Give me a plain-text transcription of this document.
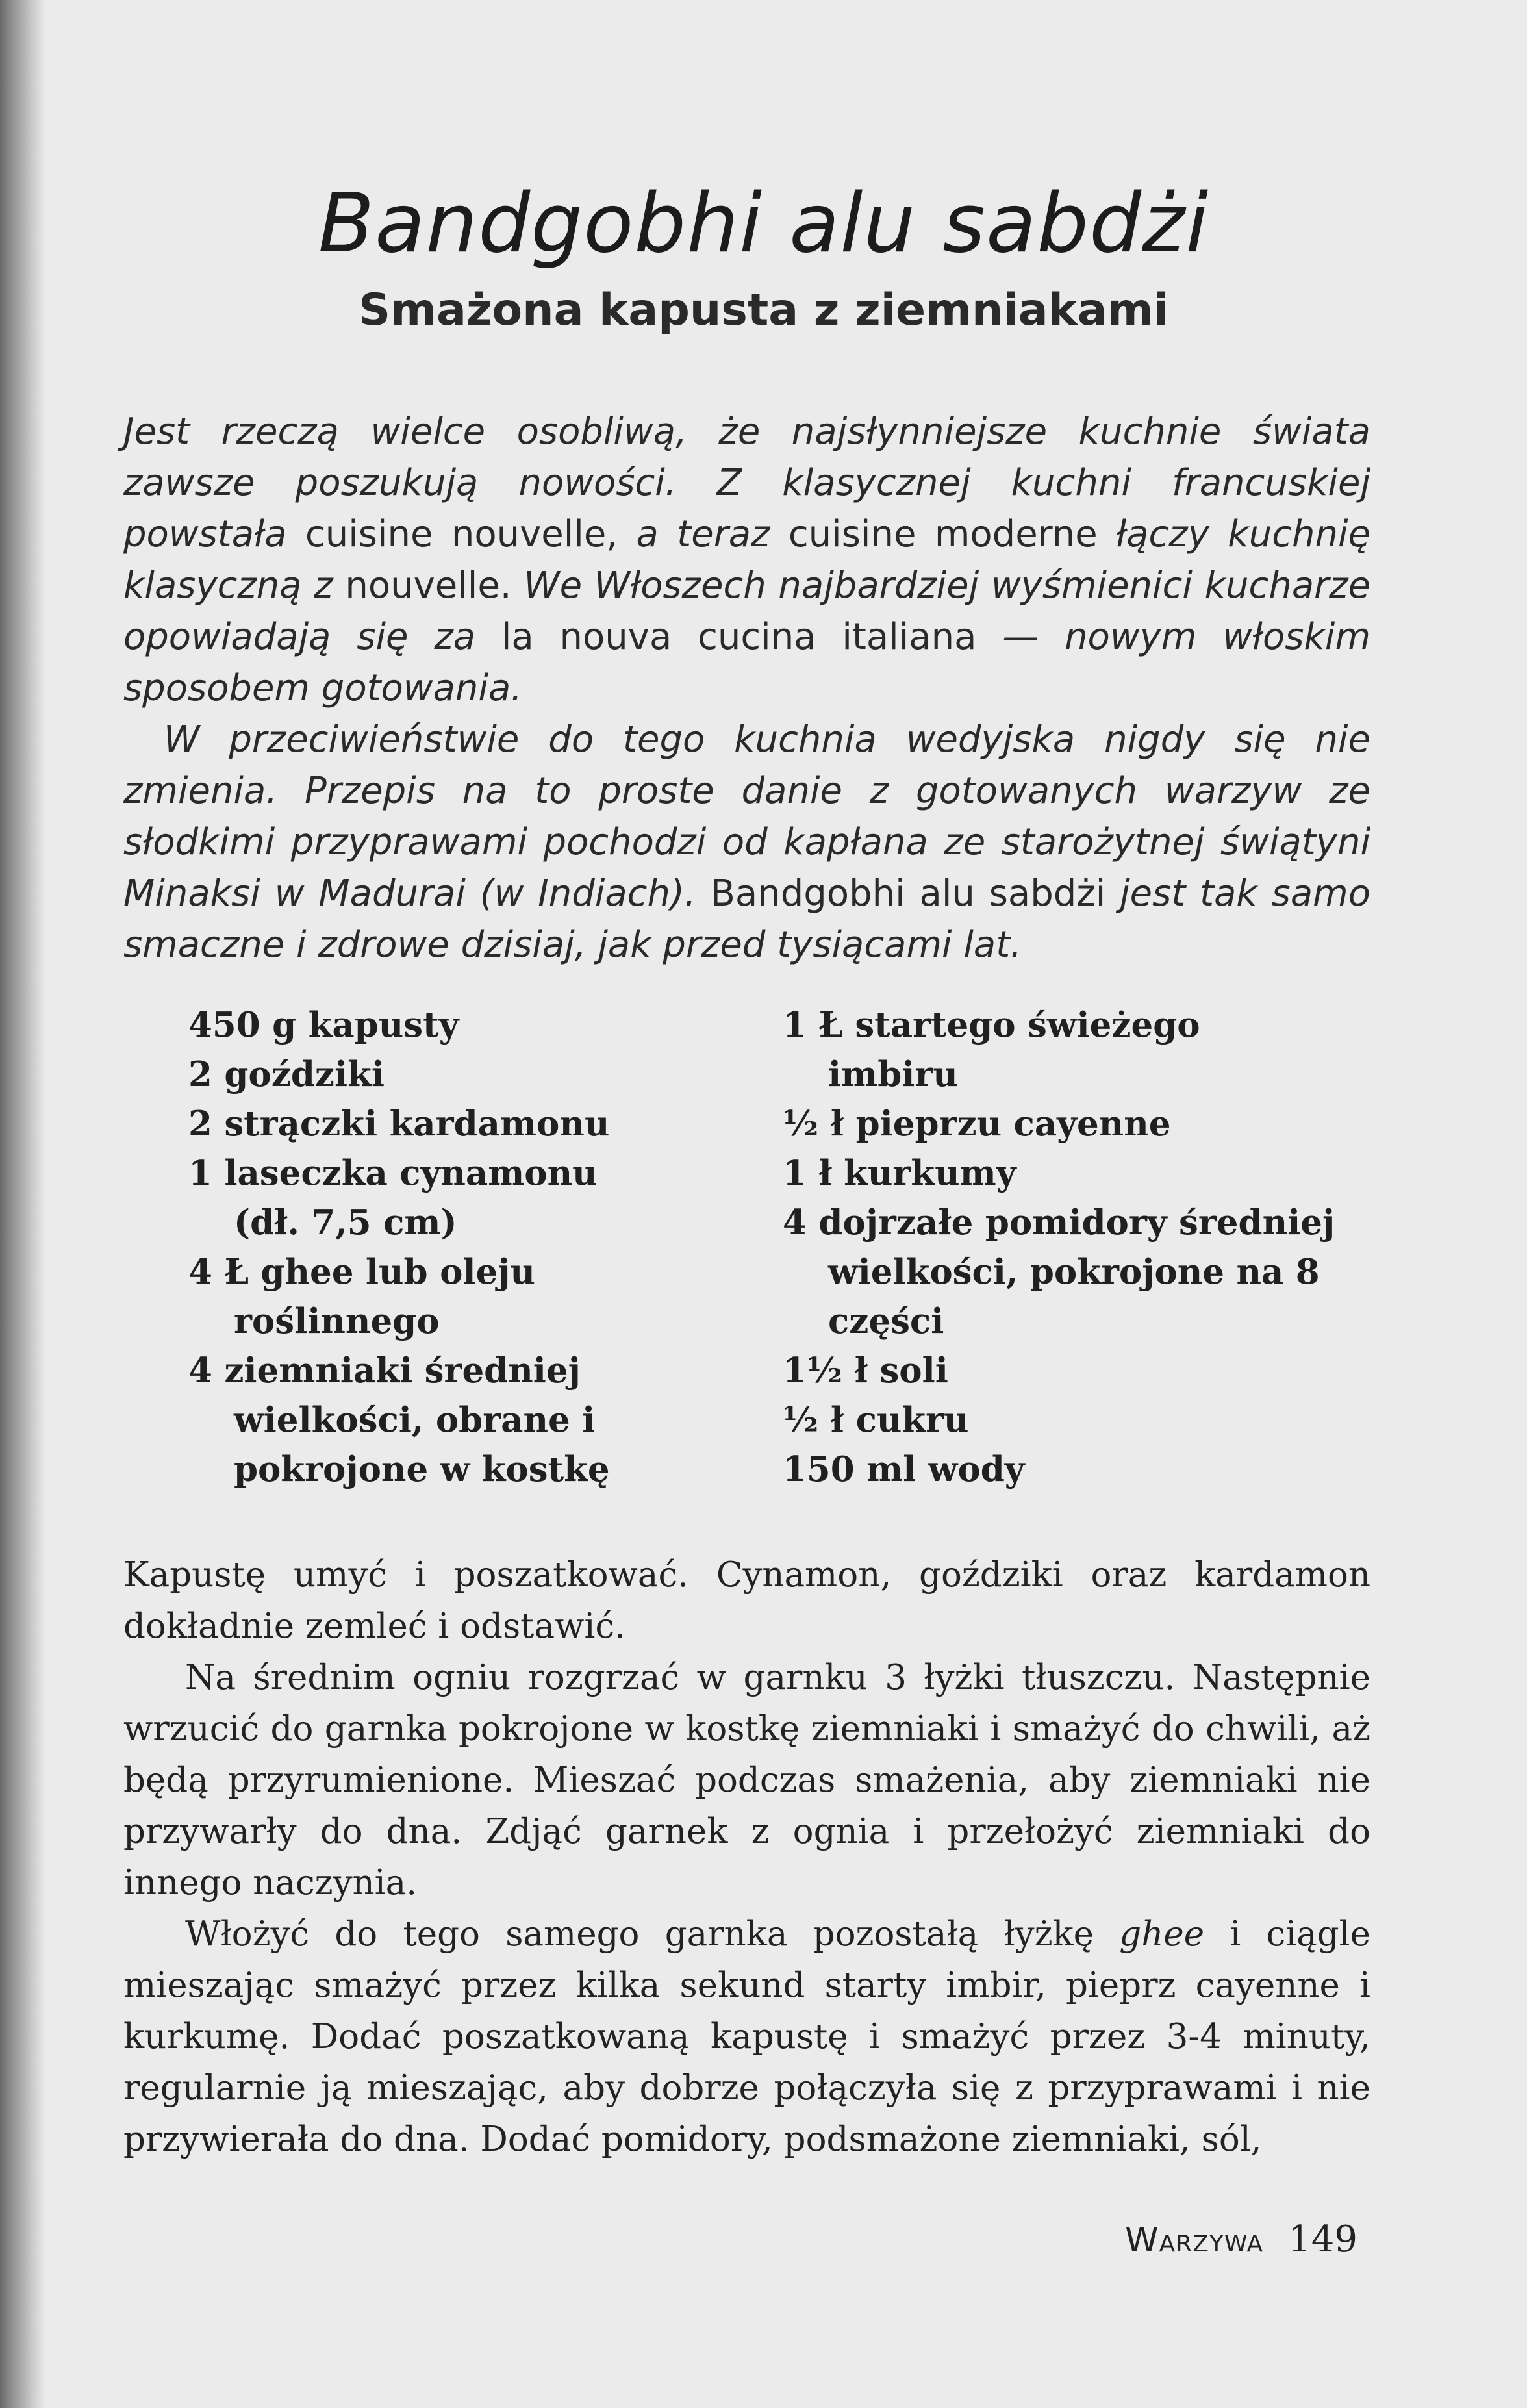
Bandgobhi alu sabdżi
Smażona kapusta z ziemniakami

Jest rzeczą wielce osobliwą, że najsłynniejsze kuchnie świata zawsze poszukują nowości. Z klasycznej kuchni francuskiej powstała cuisine nouvelle, a teraz cuisine moderne łączy kuchnię klasyczną z nouvelle. We Włoszech najbardziej wyśmienici kucharze opowiadają się za la nouva cucina italiana — nowym włoskim sposobem gotowania.

W przeciwieństwie do tego kuchnia wedyjska nigdy się nie zmienia. Przepis na to proste danie z gotowanych warzyw ze słodkimi przyprawami pochodzi od kapłana ze starożytnej świątyni Minaksi w Madurai (w Indiach). Bandgobhi alu sabdżi jest tak samo smaczne i zdrowe dzisiaj, jak przed tysiącami lat.

450 g kapusty
2 goździki
2 strączki kardamonu
1 laseczka cynamonu (dł. 7,5 cm)
4 Ł ghee lub oleju roślinnego
4 ziemniaki średniej wielkości, obrane i pokrojone w kostkę
1 Ł startego świeżego imbiru
½ ł pieprzu cayenne
1 ł kurkumy
4 dojrzałe pomidory średniej wielkości, pokrojone na 8 części
1½ ł soli
½ ł cukru
150 ml wody

Kapustę umyć i poszatkować. Cynamon, goździki oraz kardamon dokładnie zemleć i odstawić.

Na średnim ogniu rozgrzać w garnku 3 łyżki tłuszczu. Następnie wrzucić do garnka pokrojone w kostkę ziemniaki i smażyć do chwili, aż będą przyrumienione. Mieszać podczas smażenia, aby ziemniaki nie przywarły do dna. Zdjąć garnek z ognia i przełożyć ziemniaki do innego naczynia.

Włożyć do tego samego garnka pozostałą łyżkę ghee i ciągle mieszając smażyć przez kilka sekund starty imbir, pieprz cayenne i kurkumę. Dodać poszatkowaną kapustę i smażyć przez 3-4 minuty, regularnie ją mieszając, aby dobrze połączyła się z przyprawami i nie przywierała do dna. Dodać pomidory, podsmażone ziemniaki, sól,

Warzywa 149
